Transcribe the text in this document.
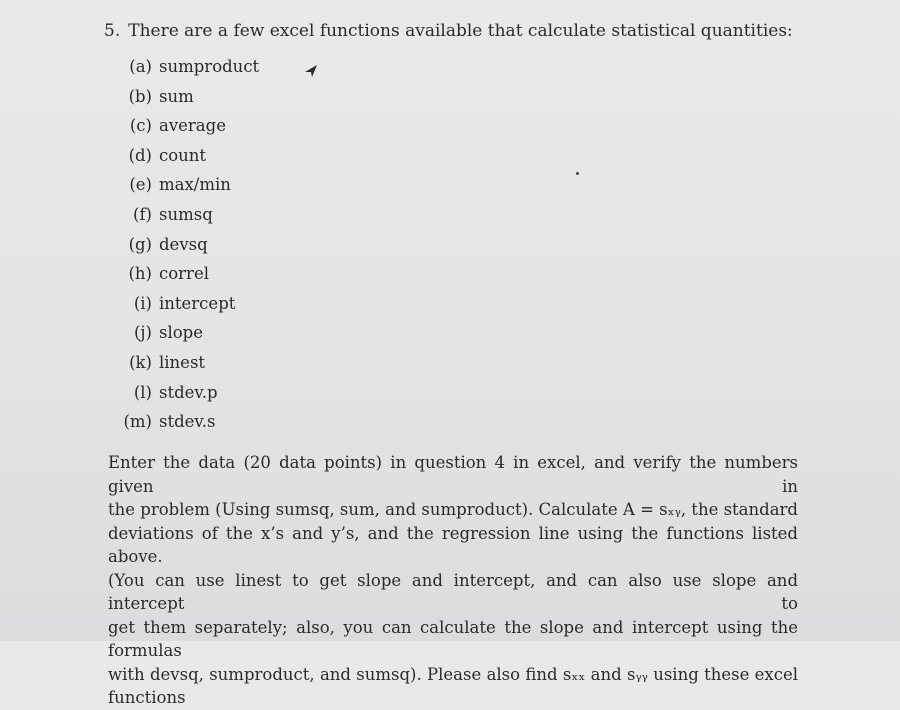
5. There are a few excel functions available that calculate statistical quantities:
(a) sumproduct
(b) sum
(c) average
(d) count
(e) max/min
(f) sumsq
(g) devsq
(h) correl
(i) intercept
(j) slope
(k) linest
(l) stdev.p
(m) stdev.s
Enter the data (20 data points) in question 4 in excel, and verify the numbers given in
the problem (Using sumsq, sum, and sumproduct). Calculate A = sₓᵧ, the standard
deviations of the x’s and y’s, and the regression line using the functions listed above.
(You can use linest to get slope and intercept, and can also use slope and intercept to
get them separately; also, you can calculate the slope and intercept using the formulas
with devsq, sumproduct, and sumsq). Please also find sₓₓ and sᵧᵧ using these excel
functions
